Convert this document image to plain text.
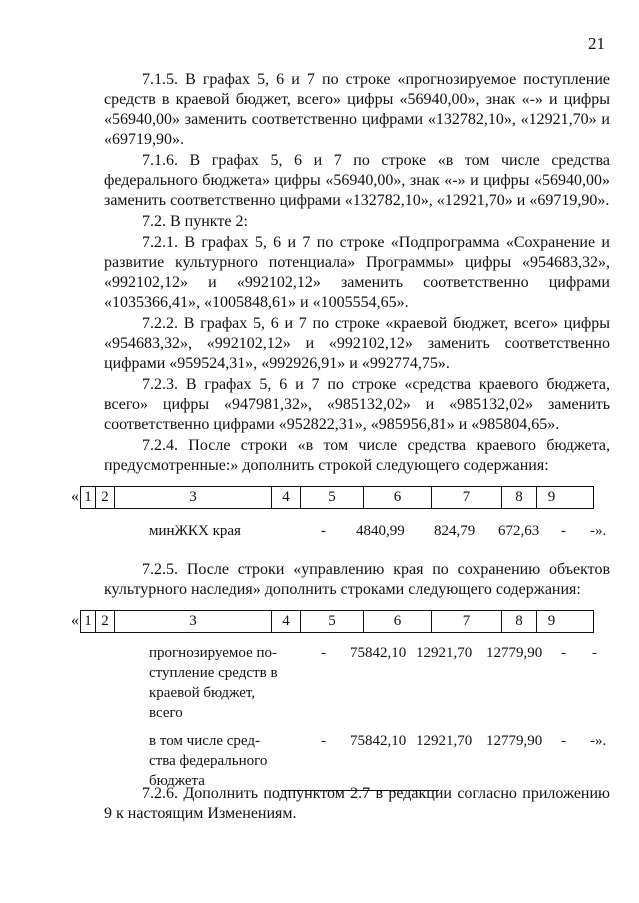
21

7.1.5. В графах 5, 6 и 7 по строке «прогнозируемое поступление средств в краевой бюджет, всего» цифры «56940,00», знак «-» и цифры «56940,00» заменить соответственно цифрами «132782,10», «12921,70» и «69719,90».

7.1.6. В графах 5, 6 и 7 по строке «в том числе средства федерального бюджета» цифры «56940,00», знак «-» и цифры «56940,00» заменить соответственно цифрами «132782,10», «12921,70» и «69719,90».

7.2. В пункте 2:

7.2.1. В графах 5, 6 и 7 по строке «Подпрограмма «Сохранение и развитие культурного потенциала» Программы» цифры «954683,32», «992102,12» и «992102,12» заменить соответственно цифрами «1035366,41», «1005848,61» и «1005554,65».

7.2.2. В графах 5, 6 и 7 по строке «краевой бюджет, всего» цифры «954683,32», «992102,12» и «992102,12» заменить соответственно цифрами «959524,31», «992926,91» и «992774,75».

7.2.3. В графах 5, 6 и 7 по строке «средства краевого бюджета, всего» цифры «947981,32», «985132,02» и «985132,02» заменить соответственно цифрами «952822,31», «985956,81» и «985804,65».

7.2.4. После строки «в том числе средства краевого бюджета, предусмотренные:» дополнить строкой следующего содержания:

« 1 2	3	4	5	6	7	8	9
минЖКХ края	- 4840,99 824,79 672,63 - -».

7.2.5. После строки «управлению края по сохранению объектов культурного наследия» дополнить строками следующего содержания:

« 1 2	3	4	5	6	7	8	9
прогнозируемое по-
ступление средств в
краевой бюджет,
всего
- 75842,10 12921,70 12779,90 - -
в том числе сред-
ства федерального
бюджета
- 75842,10 12921,70 12779,90 - -».

7.2.6. Дополнить подпунктом 2.7 в редакции согласно приложению 9 к настоящим Изменениям.
